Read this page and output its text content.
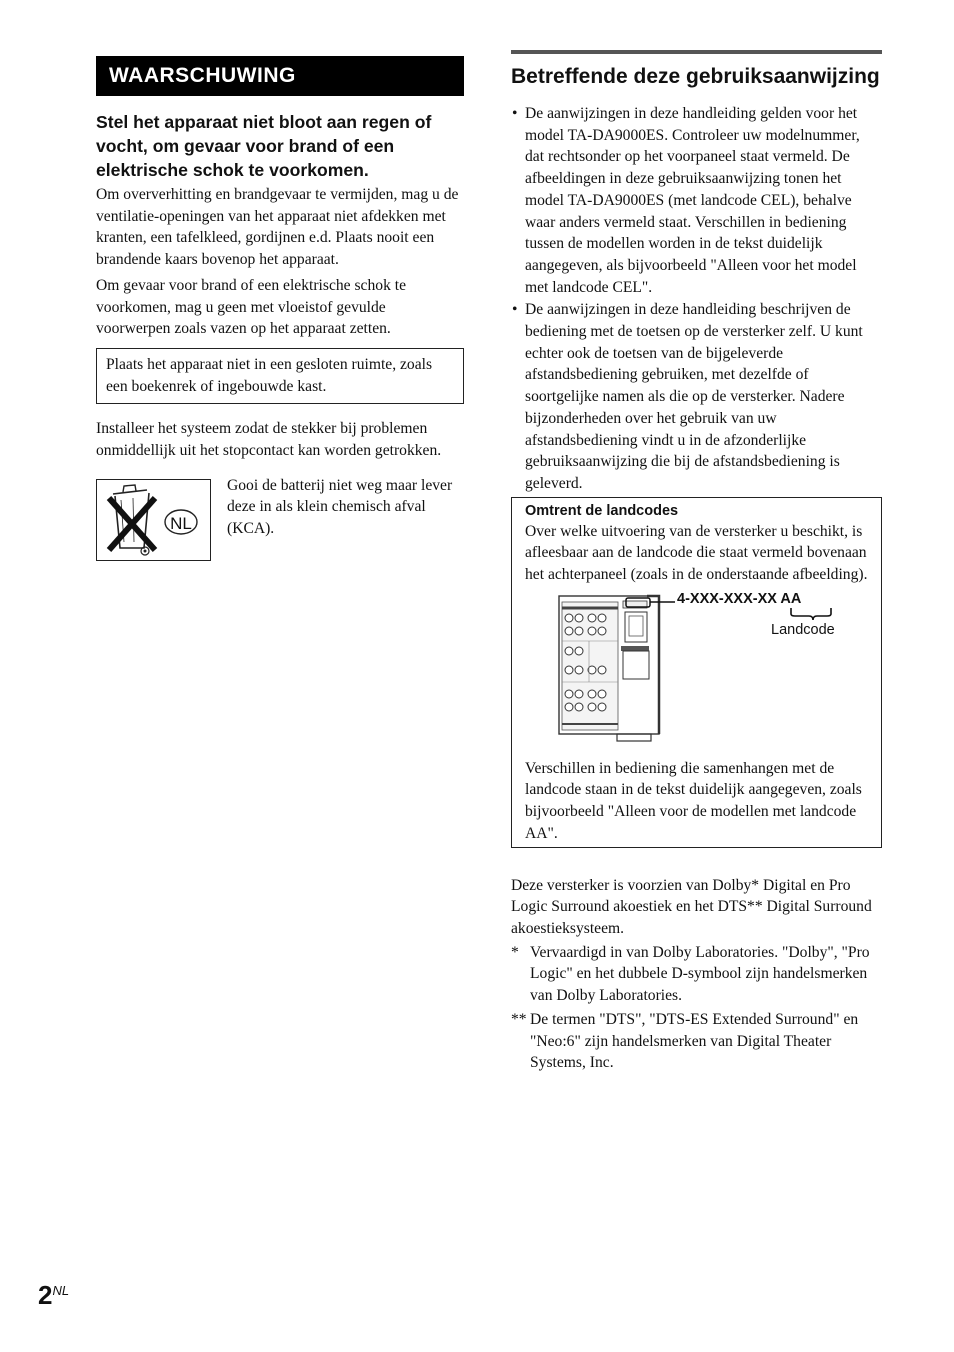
WAARSCHUWING
Stel het apparaat niet bloot aan regen of vocht, om gevaar voor brand of een elektrische schok te voorkomen.

Om oververhitting en brandgevaar te vermijden, mag u de ventilatie-openingen van het apparaat niet afdekken met kranten, een tafelkleed, gordijnen e.d. Plaats nooit een brandende kaars bovenop het apparaat.

Om gevaar voor brand of een elektrische schok te voorkomen, mag u geen met vloeistof gevulde voorwerpen zoals vazen op het apparaat zetten.

Plaats het apparaat niet in een gesloten ruimte, zoals een boekenrek of ingebouwde kast.

Installeer het systeem zodat de stekker bij problemen onmiddellijk uit het stopcontact kan worden getrokken.

NL
Gooi de batterij niet weg maar lever deze in als klein chemisch afval (KCA).
Betreffende deze gebruiksaanwijzing
• De aanwijzingen in deze handleiding gelden voor het model TA-DA9000ES. Controleer uw modelnummer, dat rechtsonder op het voorpaneel staat vermeld. De afbeeldingen in deze gebruiksaanwijzing tonen het model TA-DA9000ES (met landcode CEL), behalve waar anders vermeld staat. Verschillen in bediening tussen de modellen worden in de tekst duidelijk aangegeven, als bijvoorbeeld "Alleen voor het model met landcode CEL".
• De aanwijzingen in deze handleiding beschrijven de bediening met de toetsen op de versterker zelf. U kunt echter ook de toetsen van de bijgeleverde afstandsbediening gebruiken, met dezelfde of soortgelijke namen als die op de versterker. Nadere bijzonderheden over het gebruik van uw afstandsbediening vindt u in de afzonderlijke gebruiksaanwijzing die bij de afstandsbediening is geleverd.
Omtrent de landcodes
Over welke uitvoering van de versterker u beschikt, is afleesbaar aan de landcode die staat vermeld bovenaan het achterpaneel (zoals in de onderstaande afbeelding).
4-XXX-XXX-XX AA
Landcode
Verschillen in bediening die samenhangen met de landcode staan in de tekst duidelijk aangegeven, zoals bijvoorbeeld "Alleen voor de modellen met landcode AA".
Deze versterker is voorzien van Dolby* Digital en Pro Logic Surround akoestiek en het DTS** Digital Surround akoestieksysteem.
* Vervaardigd in van Dolby Laboratories. "Dolby", "Pro Logic" en het dubbele D-symbool zijn handelsmerken van Dolby Laboratories.
** De termen "DTS", "DTS-ES Extended Surround" en "Neo:6" zijn handelsmerken van Digital Theater Systems, Inc.
$2^{NL}$
